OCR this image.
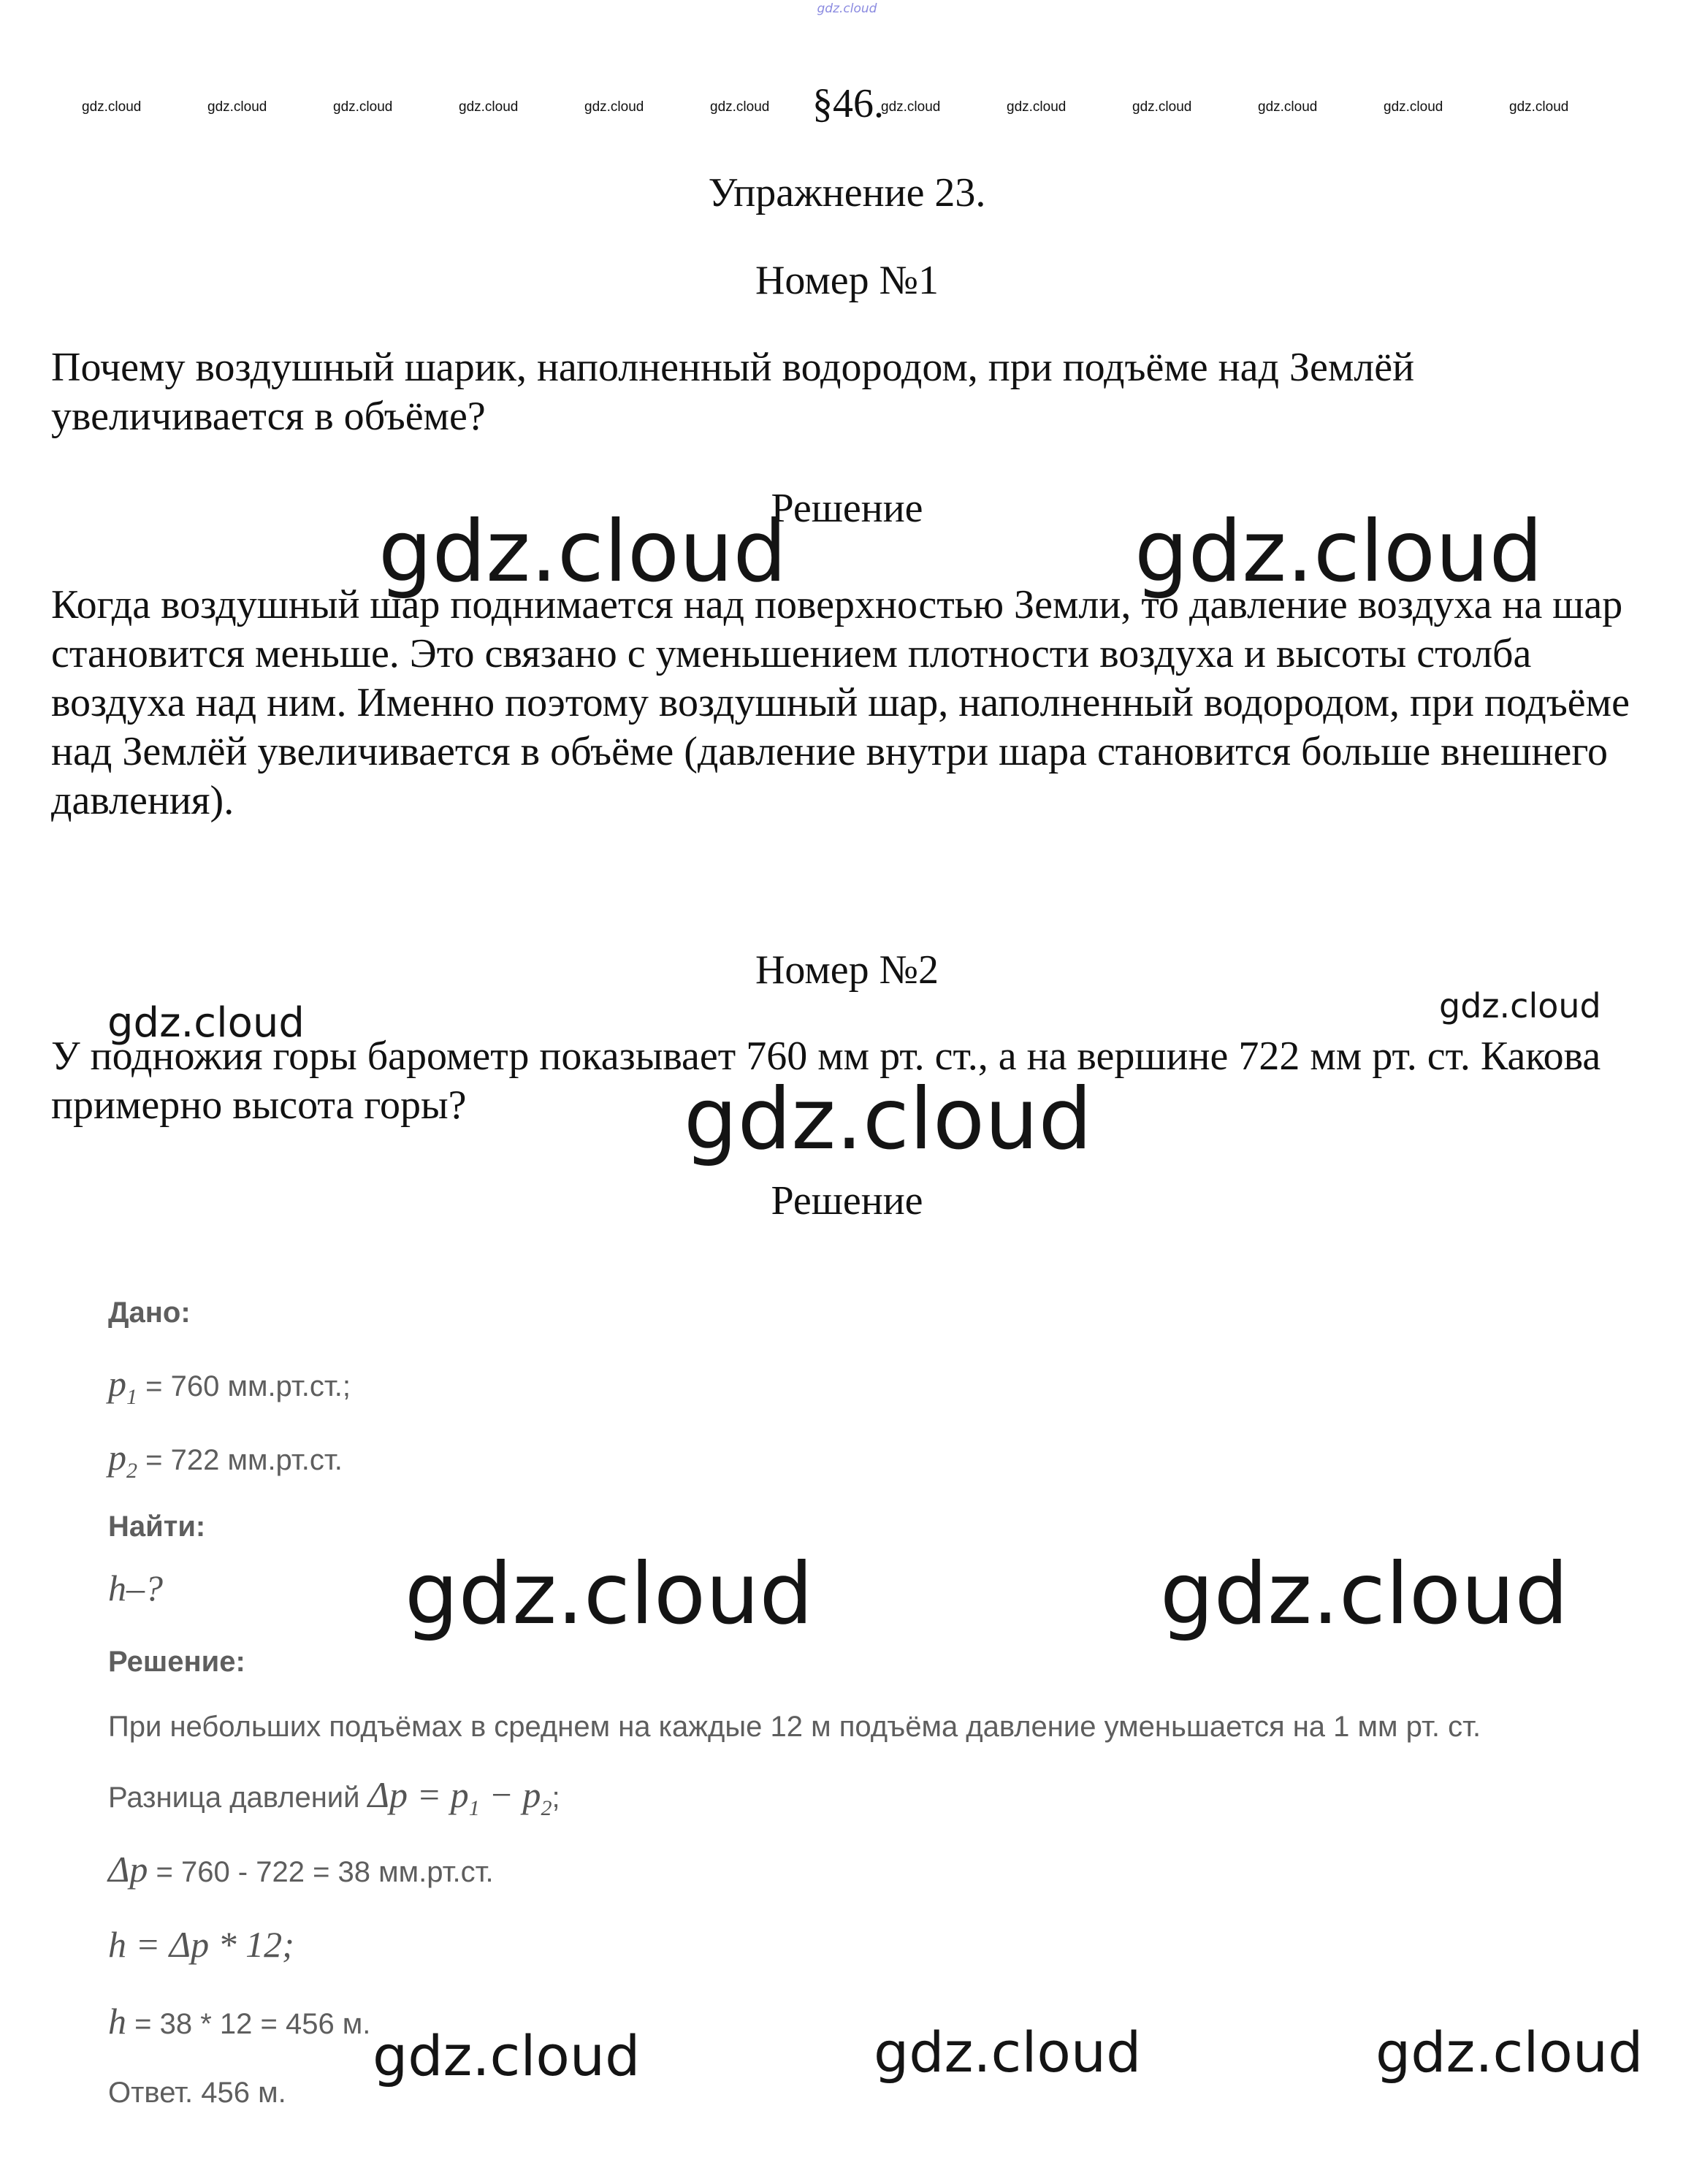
gdz.cloud
gdz.cloud	gdz.cloud	gdz.cloud	gdz.cloud	gdz.cloud	gdz.cloud	gdz.cloud	gdz.cloud	gdz.cloud	gdz.cloud	gdz.cloud	gdz.cloud
§46.
Упражнение 23.
Номер №1
Почему воздушный шарик, наполненный водородом, при подъёме над Землёй увеличивается в объёме?
Решение
Когда воздушный шар поднимается над поверхностью Земли, то давление воздуха на шар становится меньше. Это связано с уменьшением плотности воздуха и высоты столба воздуха над ним. Именно поэтому воздушный шар, наполненный водородом, при подъёме над Землёй увеличивается в объёме (давление внутри шара становится больше внешнего давления).
gdz.cloud	gdz.cloud
Номер №2
gdz.cloud	gdz.cloud
У подножия горы барометр показывает 760 мм рт. ст., а на вершине 722 мм рт. ст. Какова примерно высота горы?	gdz.cloud
Решение
Дано:
$p_1 = 760$ мм.рт.ст.;
$p_2 = 722$ мм.рт.ст.
Найти:
h–?	gdz.cloud	gdz.cloud
Решение:
При небольших подъёмах в среднем на каждые 12 м подъёма давление уменьшается на 1 мм рт. ст.
Разница давлений $\Delta p = p_1 - p_2$;
Δp = 760 - 722 = 38 мм.рт.ст.
h = Δp * 12;
h = 38 * 12 = 456 м.
Ответ. 456 м.
gdz.cloud	gdz.cloud	gdz.cloud
